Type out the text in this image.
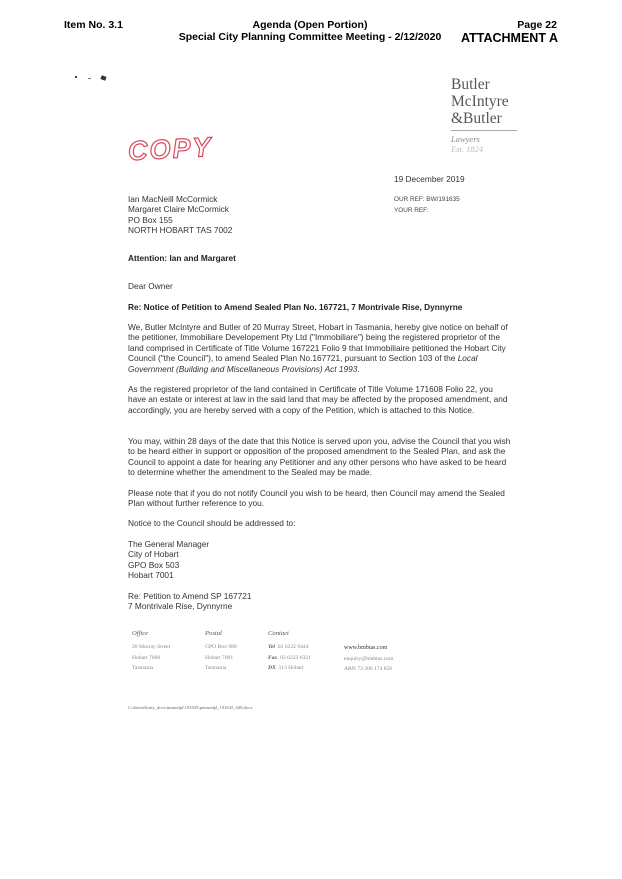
Item No. 3.1	Agenda (Open Portion)
Special City Planning Committee Meeting - 2/12/2020
Page 22
ATTACHMENT A
Butler
McIntyre
&Butler
Lawyers
Est. 1824
COPY
19 December 2019
OUR REF: BW/191635
YOUR REF:
Ian MacNeill McCormick
Margaret Claire McCormick
PO Box 155
NORTH HOBART TAS 7002
Attention: Ian and Margaret
Dear Owner
Re: Notice of Petition to Amend Sealed Plan No. 167721, 7 Montrivale Rise, Dynnyrne
We, Butler McIntyre and Butler of 20 Murray Street, Hobart in Tasmania, hereby give notice on behalf of the petitioner, Immobiliare Developement Pty Ltd ("Immobiliare") being the registered proprietor of the land comprised in Certificate of Title Volume 167221 Folio 9 that Immobiliaire petitioned the Hobart City Council ("the Council"), to amend Sealed Plan No.167721, pursuant to Section 103 of the Local Government (Building and Miscellaneous Provisions) Act 1993.
As the registered proprietor of the land contained in Certificate of Title Volume 171608 Folio 22, you have an estate or interest at law in the said land that may be affected by the proposed amendment, and accordingly, you are hereby served with a copy of the Petition, which is attached to this Notice.
You may, within 28 days of the date that this Notice is served upon you, advise the Council that you wish to be heard either in support or opposition of the proposed amendment to the Sealed Plan, and ask the Council to appoint a date for hearing any Petitioner and any other persons who have asked to be heard to determine whether the amendment to the Sealed may be made.
Please note that if you do not notify Council you wish to be heard, then Council may amend the Sealed Plan without further reference to you.
Notice to the Council should be addressed to:
The General Manager
City of Hobart
GPO Box 503
Hobart 7001
Re: Petition to Amend SP 167721
7 Montrivale Rise, Dynnyrne
Office
20 Murray Street
Hobart 7000
Tasmania
Postal
GPO Box 980
Hobart 7001
Tasmania
Contact
Tel 03 6222 9444
Fax 03 6223 6321
DX 113 Hobart
www.bmbtas.com
enquiry@bmbtas.com
ABN 73 206 174 856
C:data\affinity_docs\immodpl\191635\pmmodpl_191635_048.docx
